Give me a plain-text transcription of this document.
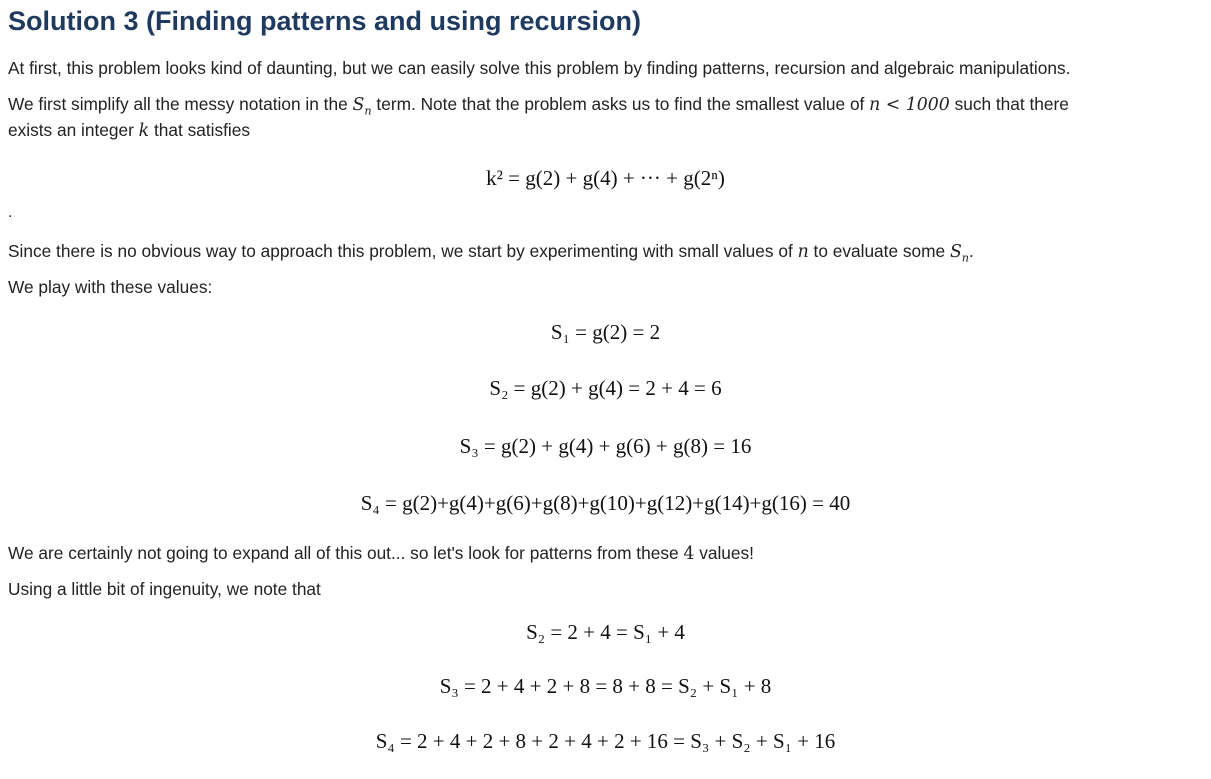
Solution 3 (Finding patterns and using recursion)

At first, this problem looks kind of daunting, but we can easily solve this problem by finding patterns, recursion and algebraic manipulations.

We first simplify all the messy notation in the $S_n$ term. Note that the problem asks us to find the smallest value of n < 1000 such that there

exists an integer k that satisfies

k² = g(2) + g(4) + ··· + g(2ⁿ)
.

Since there is no obvious way to approach this problem, we start by experimenting with small values of n to evaluate some $S_n$.

We play with these values:

S₁ = g(2) = 2
S₂ = g(2) + g(4) = 2 + 4 = 6
S₃ = g(2) + g(4) + g(6) + g(8) = 16
S₄ = g(2)+g(4)+g(6)+g(8)+g(10)+g(12)+g(14)+g(16) = 40

We are certainly not going to expand all of this out... so let's look for patterns from these 4 values!

Using a little bit of ingenuity, we note that

S₂ = 2 + 4 = S₁ + 4
S₃ = 2 + 4 + 2 + 8 = 8 + 8 = S₂ + S₁ + 8
S₄ = 2 + 4 + 2 + 8 + 2 + 4 + 2 + 16 = S₃ + S₂ + S₁ + 16
